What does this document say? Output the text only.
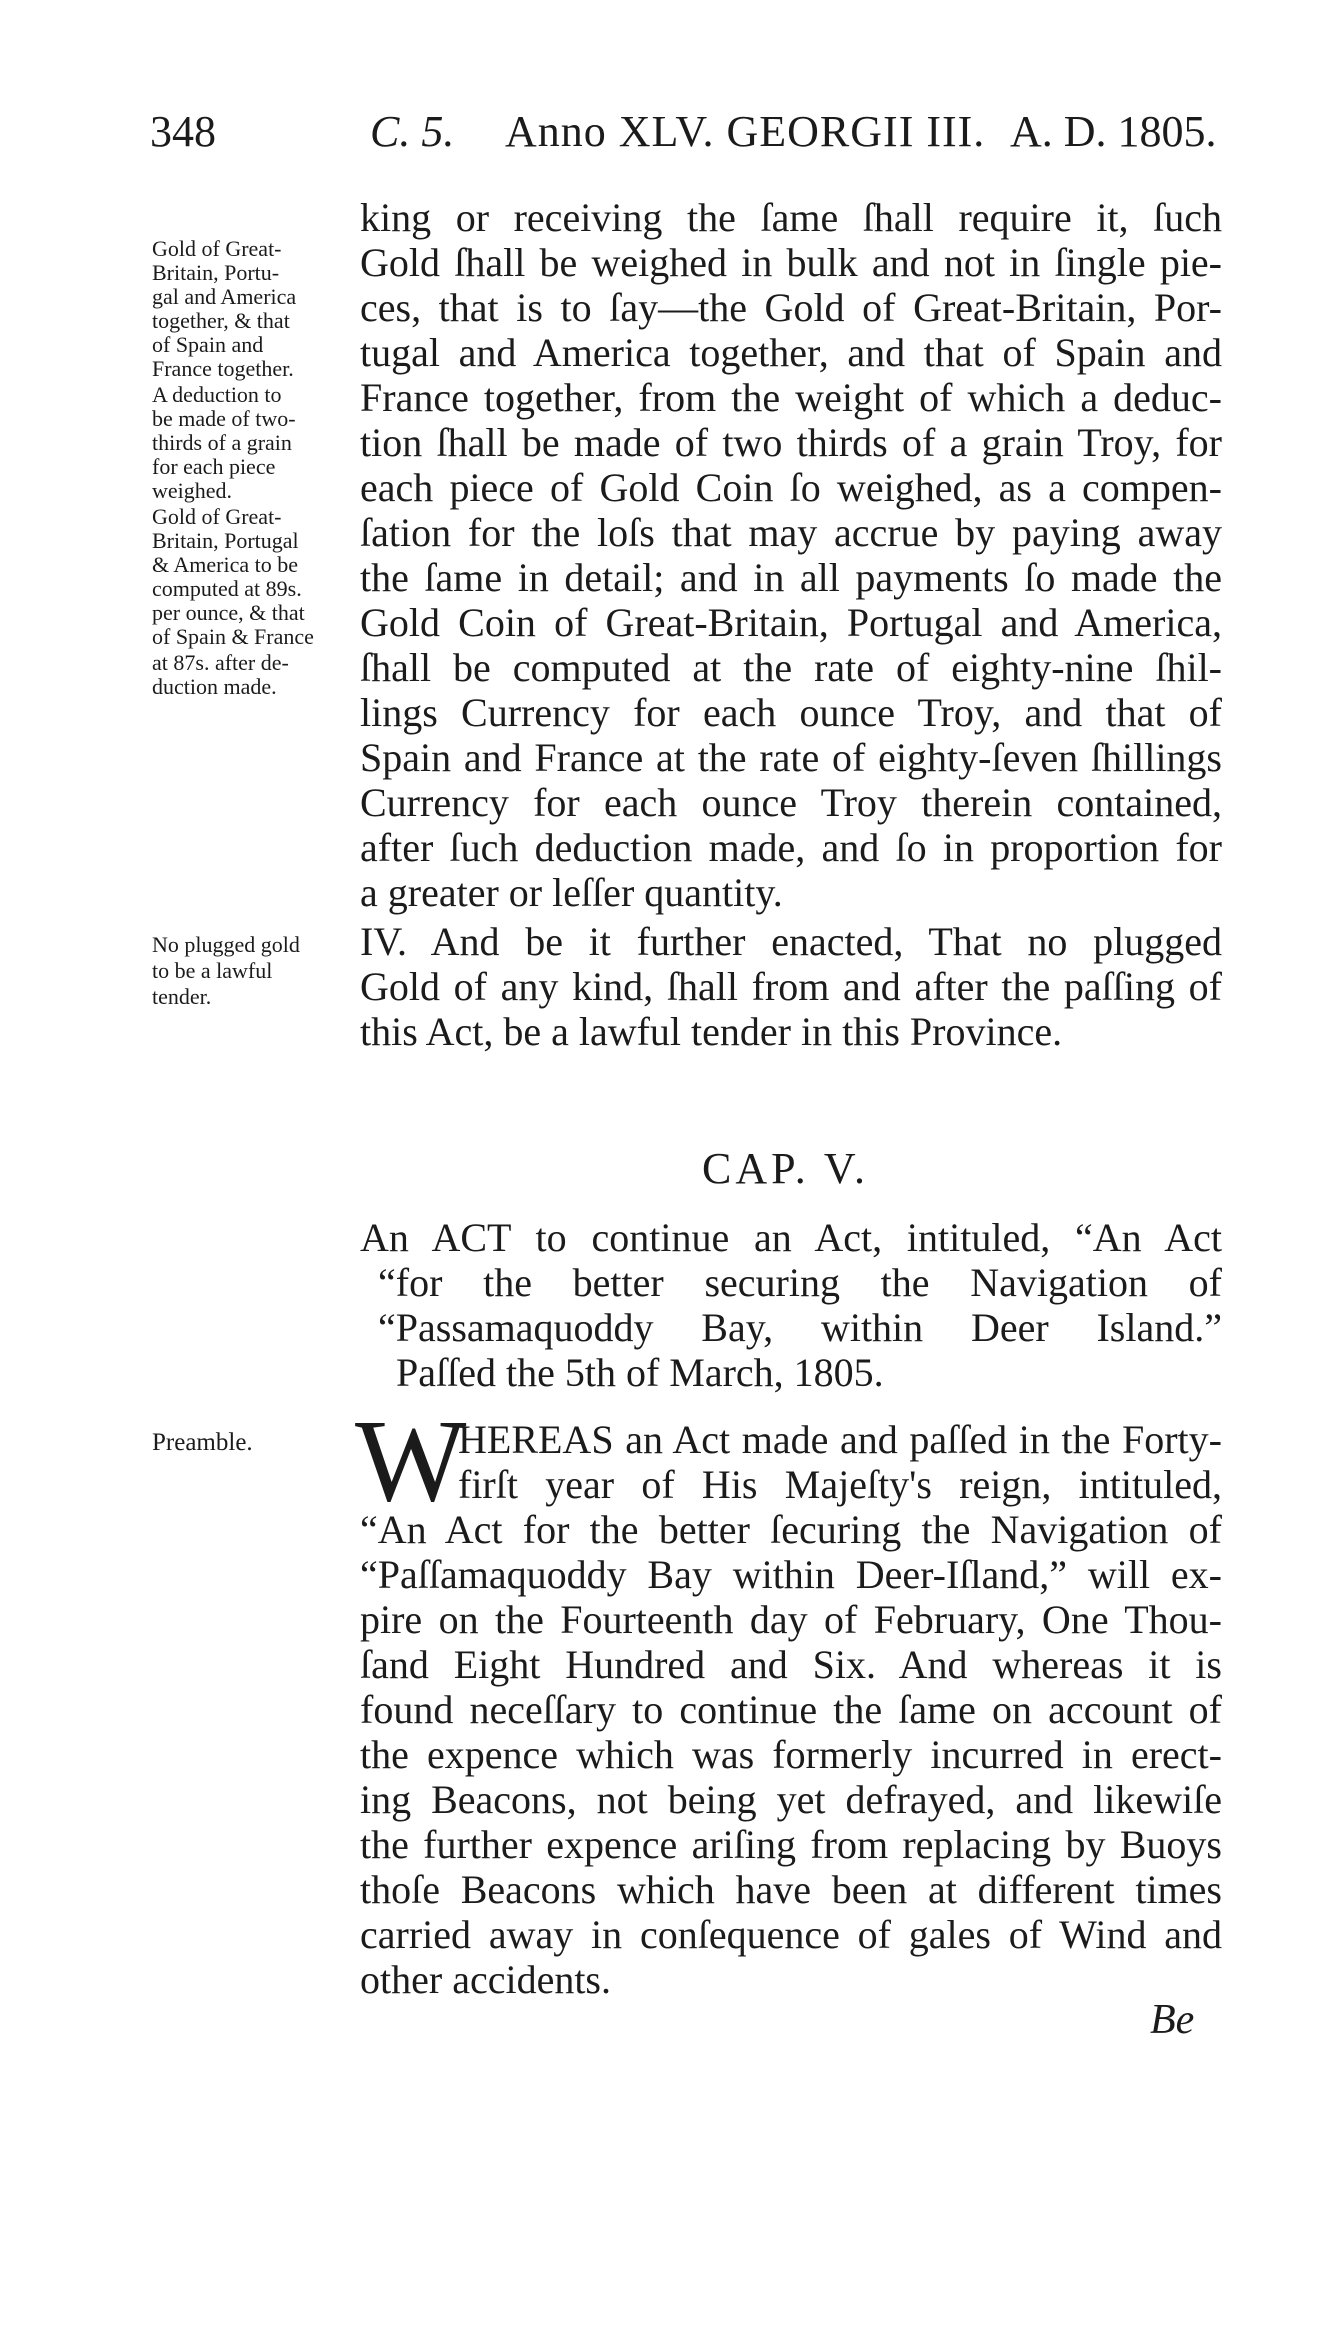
348	C. 5. Anno XLV. GEORGII III. A. D. 1805.
king or receiving the ſame ſhall require it, ſuch
Gold ſhall be weighed in bulk and not in ſingle pie-
ces, that is to ſay—the Gold of Great-Britain, Por-
tugal and America together, and that of Spain and
France together, from the weight of which a deduc-
tion ſhall be made of two thirds of a grain Troy, for
each piece of Gold Coin ſo weighed, as a compen-
ſation for the loſs that may accrue by paying away
the ſame in detail; and in all payments ſo made the
Gold Coin of Great-Britain, Portugal and America,
ſhall be computed at the rate of eighty-nine ſhil-
lings Currency for each ounce Troy, and that of
Spain and France at the rate of eighty-ſeven ſhillings
Currency for each ounce Troy therein contained,
after ſuch deduction made, and ſo in proportion for
a greater or leſſer quantity.
Gold of Great-
Britain, Portu-
gal and America
together, & that
of Spain and
France together.
A deduction to
be made of two-
thirds of a grain
for each piece
weighed.
Gold of Great-
Britain, Portugal
& America to be
computed at 89s.
per ounce, & that
of Spain & France
at 87s. after de-
duction made.
IV. And be it further enacted, That no plugged
Gold of any kind, ſhall from and after the paſſing of
this Act, be a lawful tender in this Province.
No plugged gold
to be a lawful
tender.
CAP. V.
An ACT to continue an Act, intituled, “An Act
“for the better securing the Navigation of
“Passamaquoddy Bay, within Deer Island.”
Paſſed the 5th of March, 1805.
Preamble. W
HEREAS an Act made and paſſed in the Forty-
firſt year of His Majeſty's reign, intituled,
“An Act for the better ſecuring the Navigation of
“Paſſamaquoddy Bay within Deer-Iſland,” will ex-
pire on the Fourteenth day of February, One Thou-
ſand Eight Hundred and Six. And whereas it is
found neceſſary to continue the ſame on account of
the expence which was formerly incurred in erect-
ing Beacons, not being yet defrayed, and likewiſe
the further expence ariſing from replacing by Buoys
thoſe Beacons which have been at different times
carried away in conſequence of gales of Wind and
other accidents.
Be
